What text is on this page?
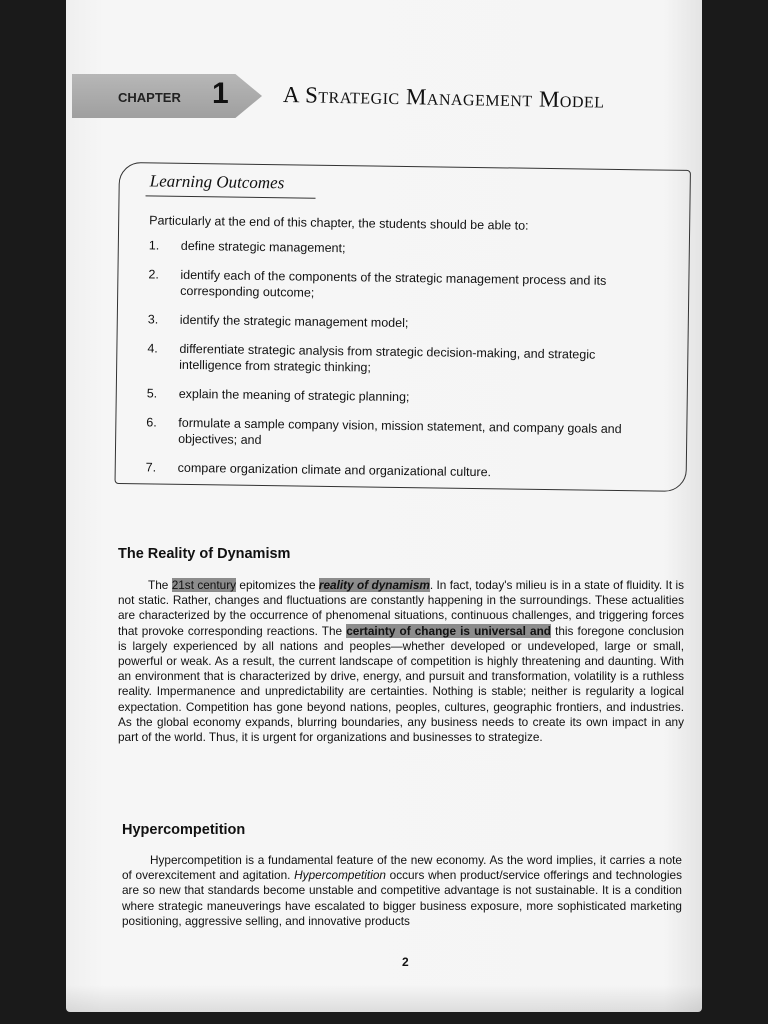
CHAPTER 1 A Strategic Management Model
Learning Outcomes
Particularly at the end of this chapter, the students should be able to:
1.	define strategic management;
2.	identify each of the components of the strategic management process and its corresponding outcome;
3.	identify the strategic management model;
4.	differentiate strategic analysis from strategic decision-making, and strategic intelligence from strategic thinking;
5.	explain the meaning of strategic planning;
6.	formulate a sample company vision, mission statement, and company goals and objectives; and
7.	compare organization climate and organizational culture.
The Reality of Dynamism
The 21st century epitomizes the reality of dynamism. In fact, today's milieu is in a state of fluidity. It is not static. Rather, changes and fluctuations are constantly happening in the surroundings. These actualities are characterized by the occurrence of phenomenal situations, continuous challenges, and triggering forces that provoke corresponding reactions. The certainty of change is universal and this foregone conclusion is largely experienced by all nations and peoples—whether developed or undeveloped, large or small, powerful or weak. As a result, the current landscape of competition is highly threatening and daunting. With an environment that is characterized by drive, energy, and pursuit and transformation, volatility is a ruthless reality. Impermanence and unpredictability are certainties. Nothing is stable; neither is regularity a logical expectation. Competition has gone beyond nations, peoples, cultures, geographic frontiers, and industries. As the global economy expands, blurring boundaries, any business needs to create its own impact in any part of the world. Thus, it is urgent for organizations and businesses to strategize.
Hypercompetition
Hypercompetition is a fundamental feature of the new economy. As the word implies, it carries a note of overexcitement and agitation. Hypercompetition occurs when product/service offerings and technologies are so new that standards become unstable and competitive advantage is not sustainable. It is a condition where strategic maneuverings have escalated to bigger business exposure, more sophisticated marketing positioning, aggressive selling, and innovative products
2
